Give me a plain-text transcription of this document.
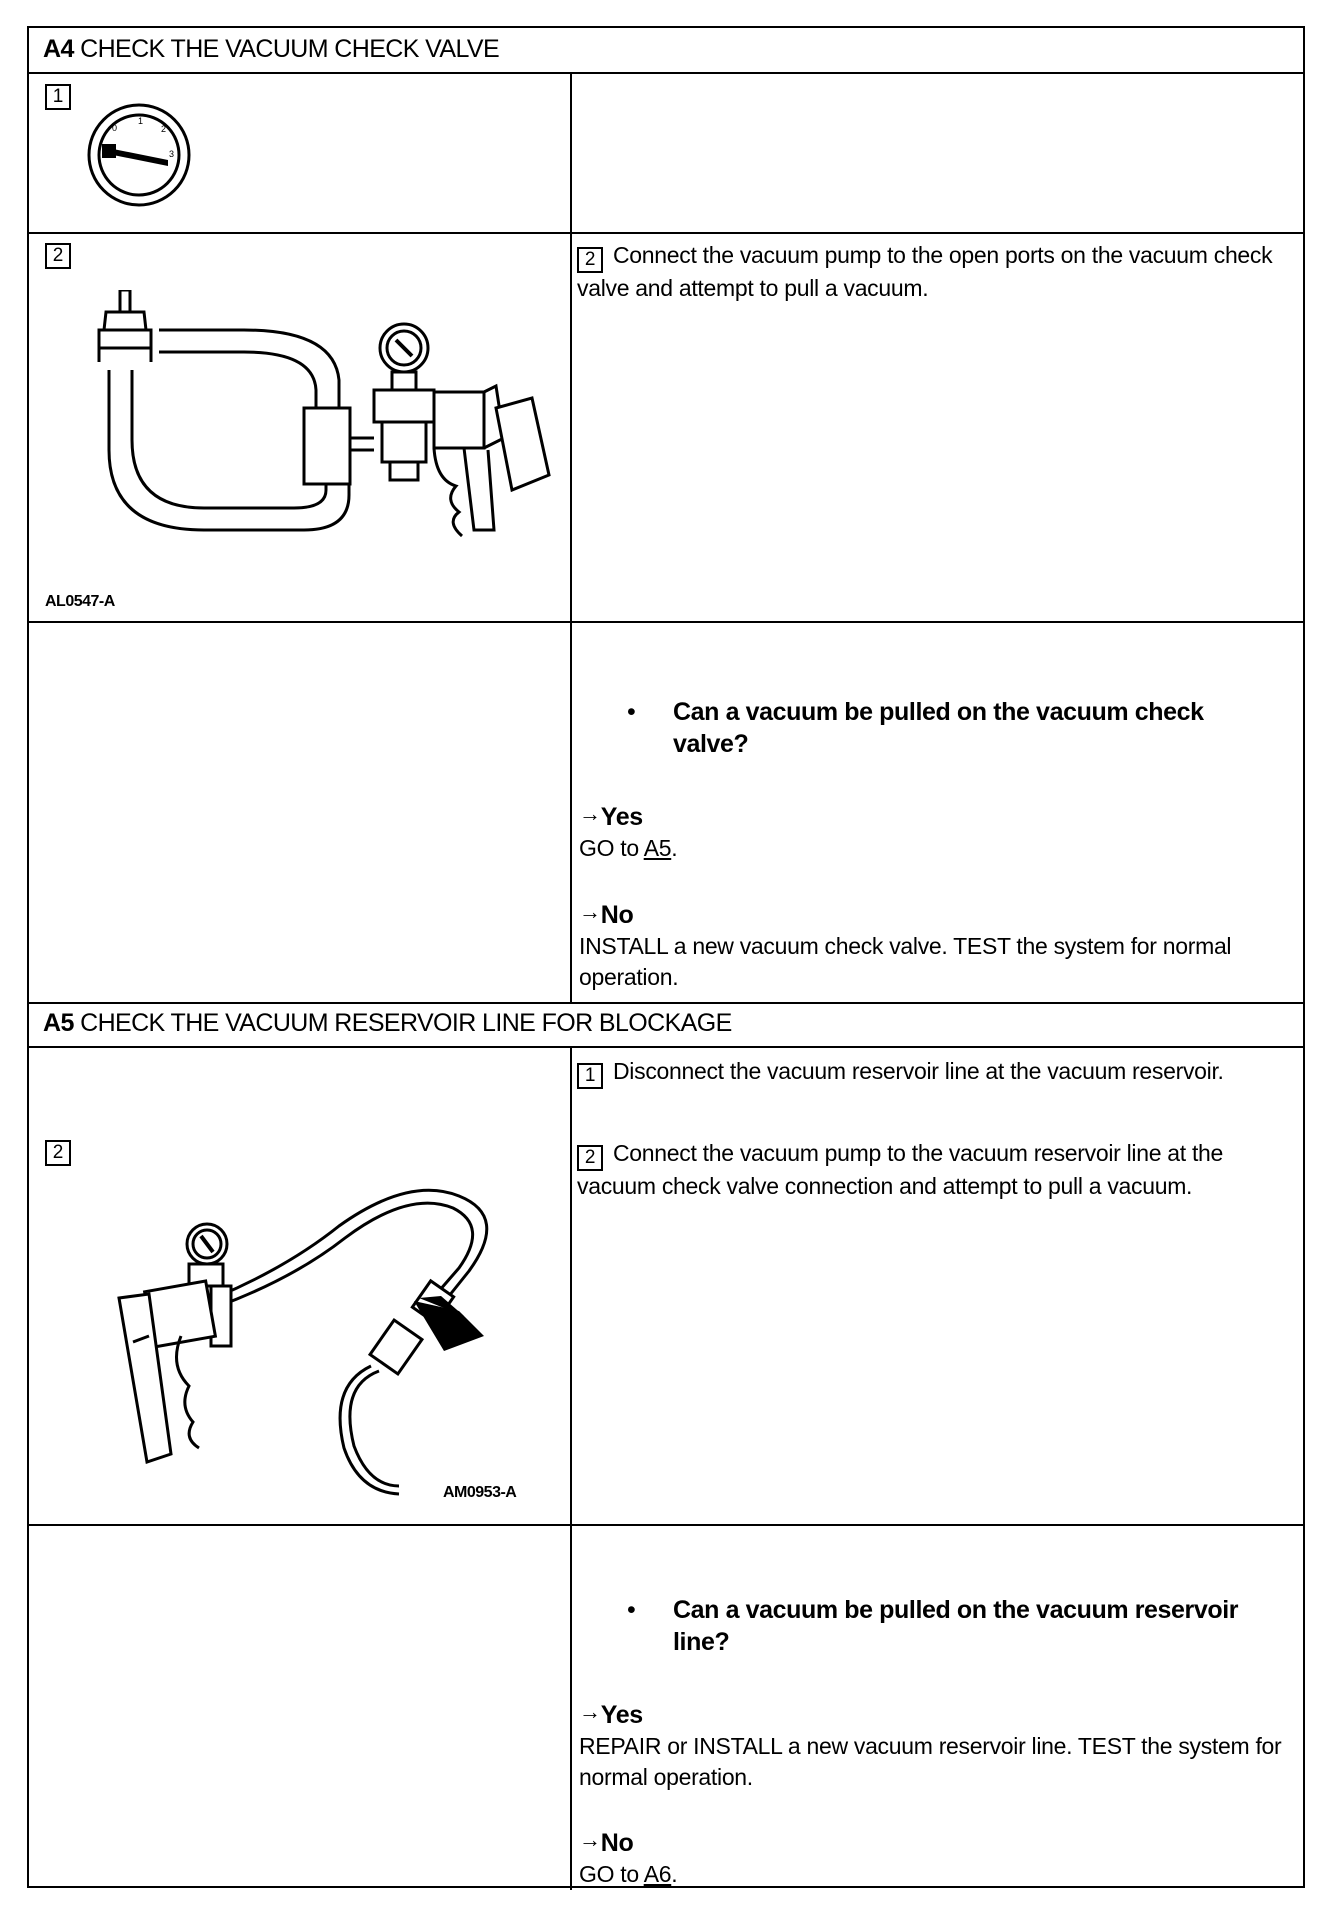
A4 CHECK THE VACUUM CHECK VALVE
1
0
1
2
3
2
AL0547-A
2 Connect the vacuum pump to the open ports on the vacuum check valve and attempt to pull a vacuum.
• Can a vacuum be pulled on the vacuum check valve?
→Yes
GO to A5.
→No
INSTALL a new vacuum check valve. TEST the system for normal operation.
A5 CHECK THE VACUUM RESERVOIR LINE FOR BLOCKAGE
1 Disconnect the vacuum reservoir line at the vacuum reservoir.
2	2 Connect the vacuum pump to the vacuum reservoir line at the vacuum check valve connection and attempt to pull a vacuum.
AM0953-A
• Can a vacuum be pulled on the vacuum reservoir line?
→Yes
REPAIR or INSTALL a new vacuum reservoir line. TEST the system for normal operation.
→No
GO to A6.
